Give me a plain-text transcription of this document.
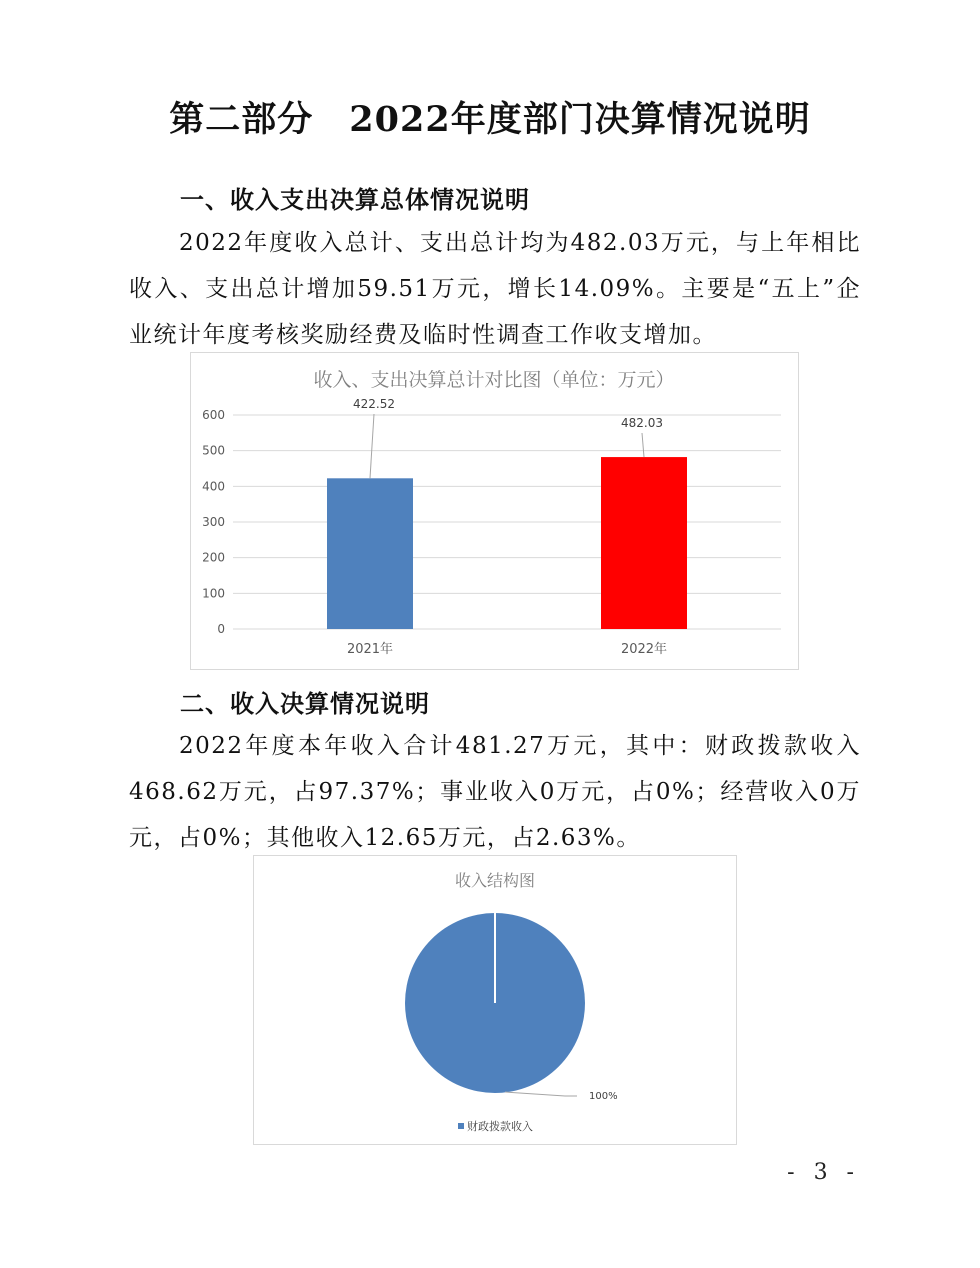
第二部分　2022年度部门决算情况说明
一、收入支出决算总体情况说明
2022年度收入总计、支出总计均为482.03万元，与上年相比收入、支出总计增加59.51万元，增长14.09%。主要是“五上”企业统计年度考核奖励经费及临时性调查工作收支增加。
收入、支出决算总计对比图（单位：万元）
0
100
200
300
400
500
600
422.52
482.03
2021年	2022年
二、收入决算情况说明
2022年度本年收入合计481.27万元，其中：财政拨款收入468.62万元，占97.37%；事业收入0万元，占0%；经营收入0万元，占0%；其他收入12.65万元，占2.63%。
收入结构图
100%
财政拨款收入
- 3 -
